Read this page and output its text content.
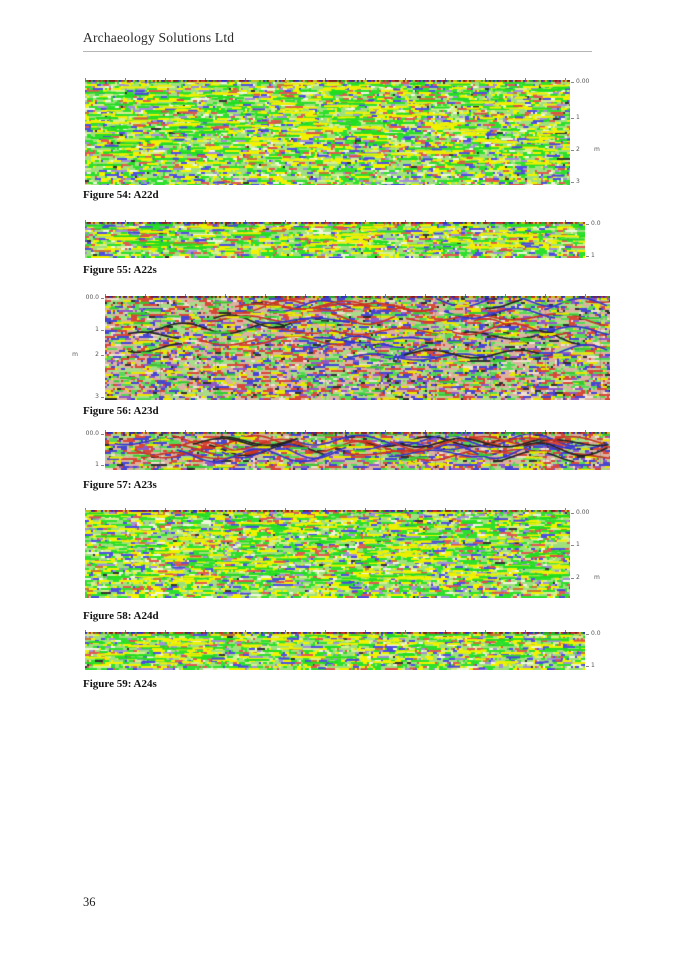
Archaeology Solutions Ltd
0.00
1
2 m
3
Figure 54: A22d
0.0
1
Figure 55: A22s
00.0
1
2
m
3
Figure 56: A23d
00.0
1
Figure 57: A23s
0.00
1
2 m
Figure 58: A24d
0.0
1
Figure 59: A24s
36
